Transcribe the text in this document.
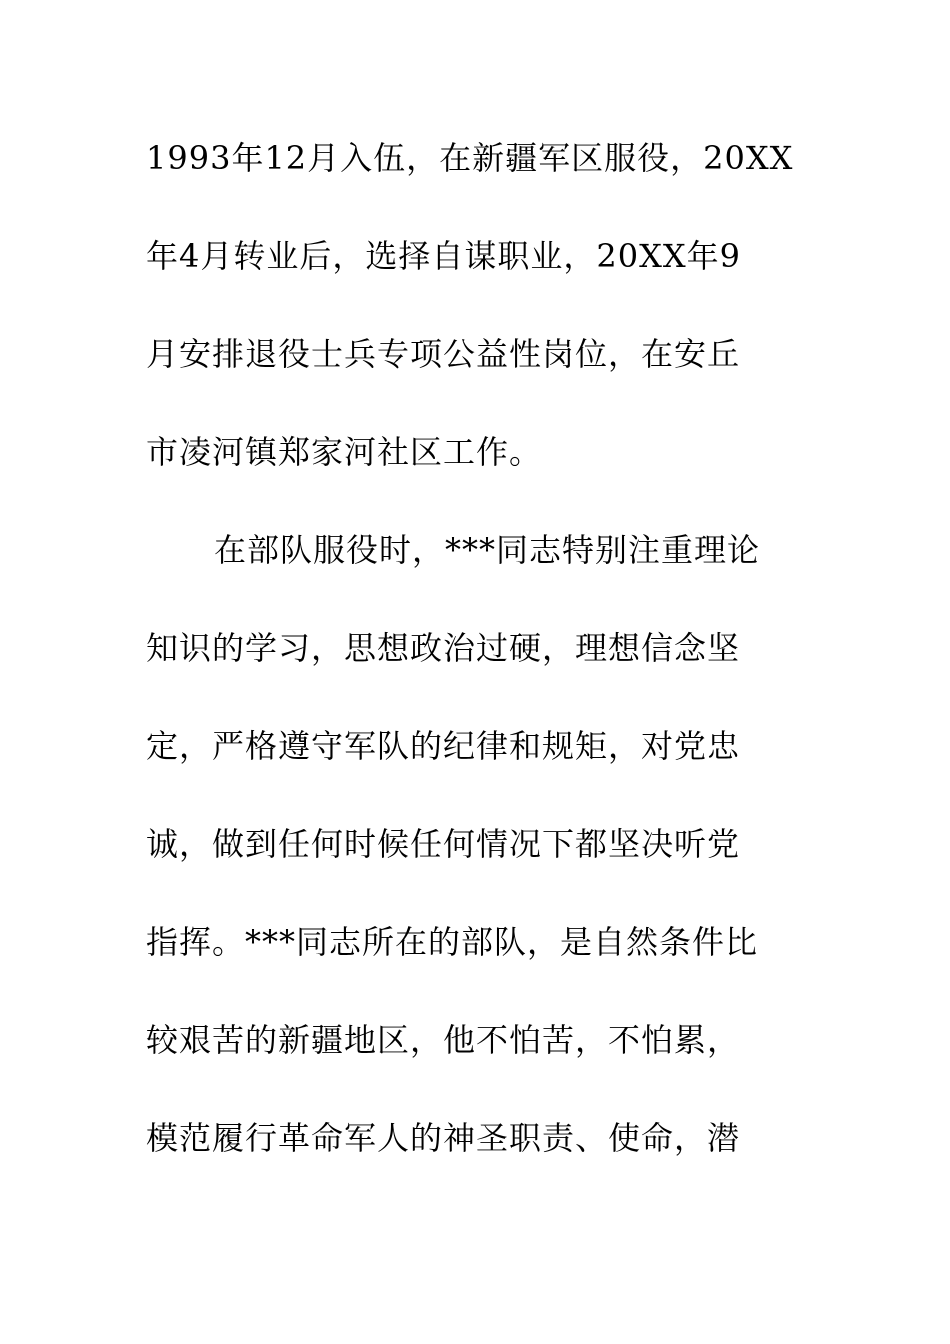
1993年12月入伍，在新疆军区服役，20XX
年4月转业后，选择自谋职业，20XX年9
月安排退役士兵专项公益性岗位，在安丘
市凌河镇郑家河社区工作。
在部队服役时，***同志特别注重理论
知识的学习，思想政治过硬，理想信念坚
定，严格遵守军队的纪律和规矩，对党忠
诚，做到任何时候任何情况下都坚决听党
指挥。***同志所在的部队，是自然条件比
较艰苦的新疆地区，他不怕苦，不怕累，
模范履行革命军人的神圣职责、使命，潜
